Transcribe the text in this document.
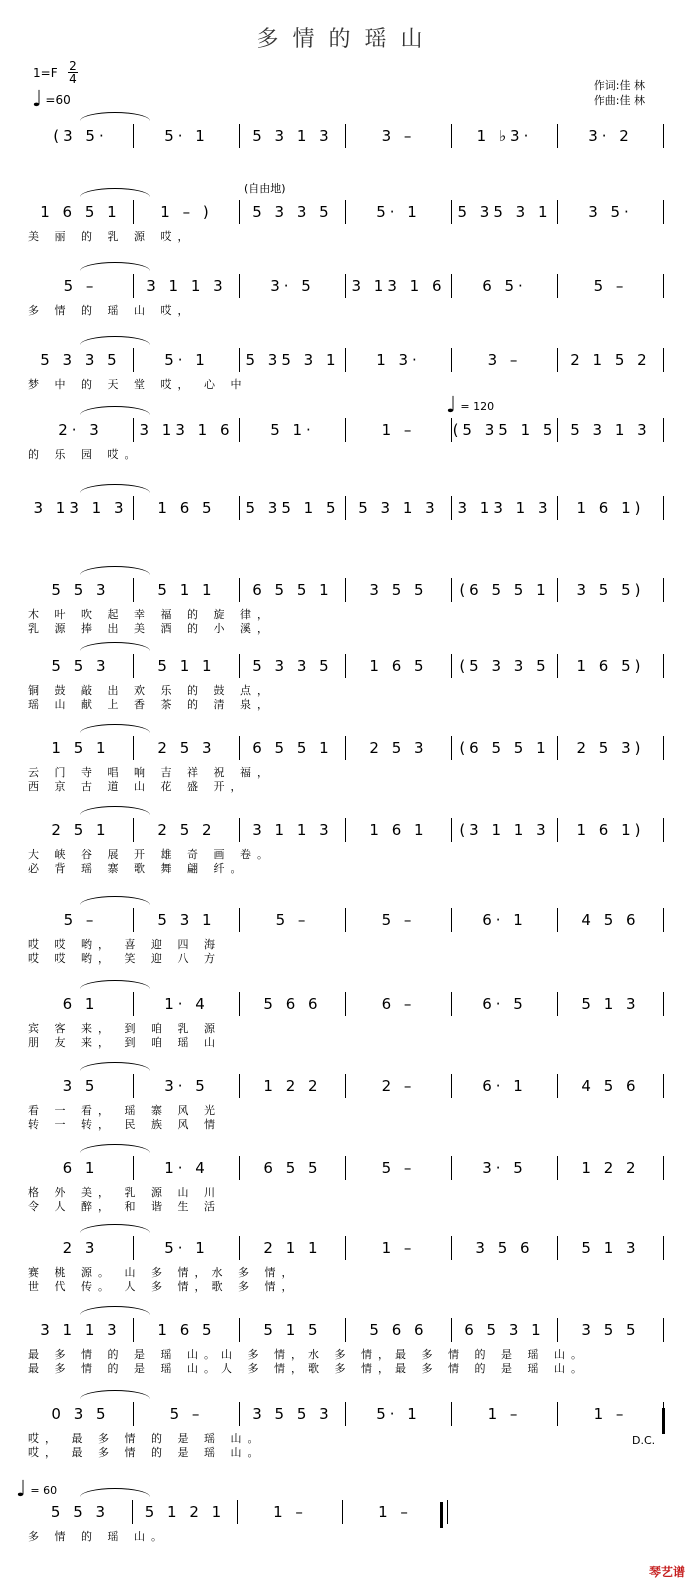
多情的瑶山
1=F 2
4
♩ =60
作词:佳 林
作曲:佳 林
(3 5·	5· 1	5 3 1 3	3 –	1 ♭3·	3· 2
1 6 5 1	1 – )	5 3 3 5	5· 1	5 35 3 1	3 5·
美 丽 的 乳 源 哎，
5 –	3 1 1 3	3· 5	3 13 1 6	6 5·	5 –
多 情 的 瑶 山 哎，
5 3 3 5	5· 1	5 35 3 1	1 3·	3 –	2 1 5 2
梦 中 的 天 堂 哎， 心 中
2· 3	3 13 1 6	5 1·	1 –	(5 35 1 5 5 3 1 3
的 乐 园 哎。
3 13 1 3	1 6 5	5 35 1 5	5 3 1 3	3 13 1 3	1 6 1)
5 5 3	5 1 1	6 5 5 1	3 5 5	(6 5 5 1	3 5 5)
木 叶 吹 起 幸 福 的 旋 律，
乳 源 捧 出 美 酒 的 小 溪，
5 5 3	5 1 1	5 3 3 5	1 6 5	(5 3 3 5	1 6 5)
铜 鼓 敲 出 欢 乐 的 鼓 点，
瑶 山 献 上 香 茶 的 清 泉，
1 5 1	2 5 3	6 5 5 1	2 5 3	(6 5 5 1	2 5 3)
云 门 寺 唱 响 吉 祥 祝 福，
西 京 古 道 山 花 盛 开，
2 5 1	2 5 2	3 1 1 3	1 6 1	(3 1 1 3	1 6 1)
大 峡 谷 展 开 雄 奇 画 卷。
必 背 瑶 寨 歌 舞 翩 纤。
5 –	5 3 1	5 –	5 –	6· 1	4 5 6
哎 哎 哟， 喜 迎 四 海
哎 哎 哟， 笑 迎 八 方
6 1	1· 4	5 6 6	6 –	6· 5	5 1 3
宾 客 来， 到 咱 乳 源
朋 友 来， 到 咱 瑶 山
3 5	3· 5	1 2 2	2 –	6· 1	4 5 6
看 一 看， 瑶 寨 风 光
转 一 转， 民 族 风 情
6 1	1· 4	6 5 5	5 –	3· 5	1 2 2
格 外 美， 乳 源 山 川
令 人 醉， 和 谐 生 活
2 3	5· 1	2 1 1	1 –	3 5 6	5 1 3
赛 桃 源。 山 多 情，水 多 情，
世 代 传。 人 多 情，歌 多 情，
3 1 1 3	1 6 5	5 1 5	5 6 6	6 5 3 1	3 5 5
最 多 情 的 是 瑶 山。山 多 情，水 多 情，最 多 情 的 是 瑶 山。
最 多 情 的 是 瑶 山。人 多 情，歌 多 情，最 多 情 的 是 瑶 山。
0 3 5	5 –	3 5 5 3	5· 1	1 –	1 –
哎， 最 多 情 的 是 瑶 山。
哎， 最 多 情 的 是 瑶 山。
5 5 3	5 1 2 1	1 –	1 –
多 情 的 瑶 山。
(自由地)
♩ = 120
D.C.
♩ = 60
琴艺谱
